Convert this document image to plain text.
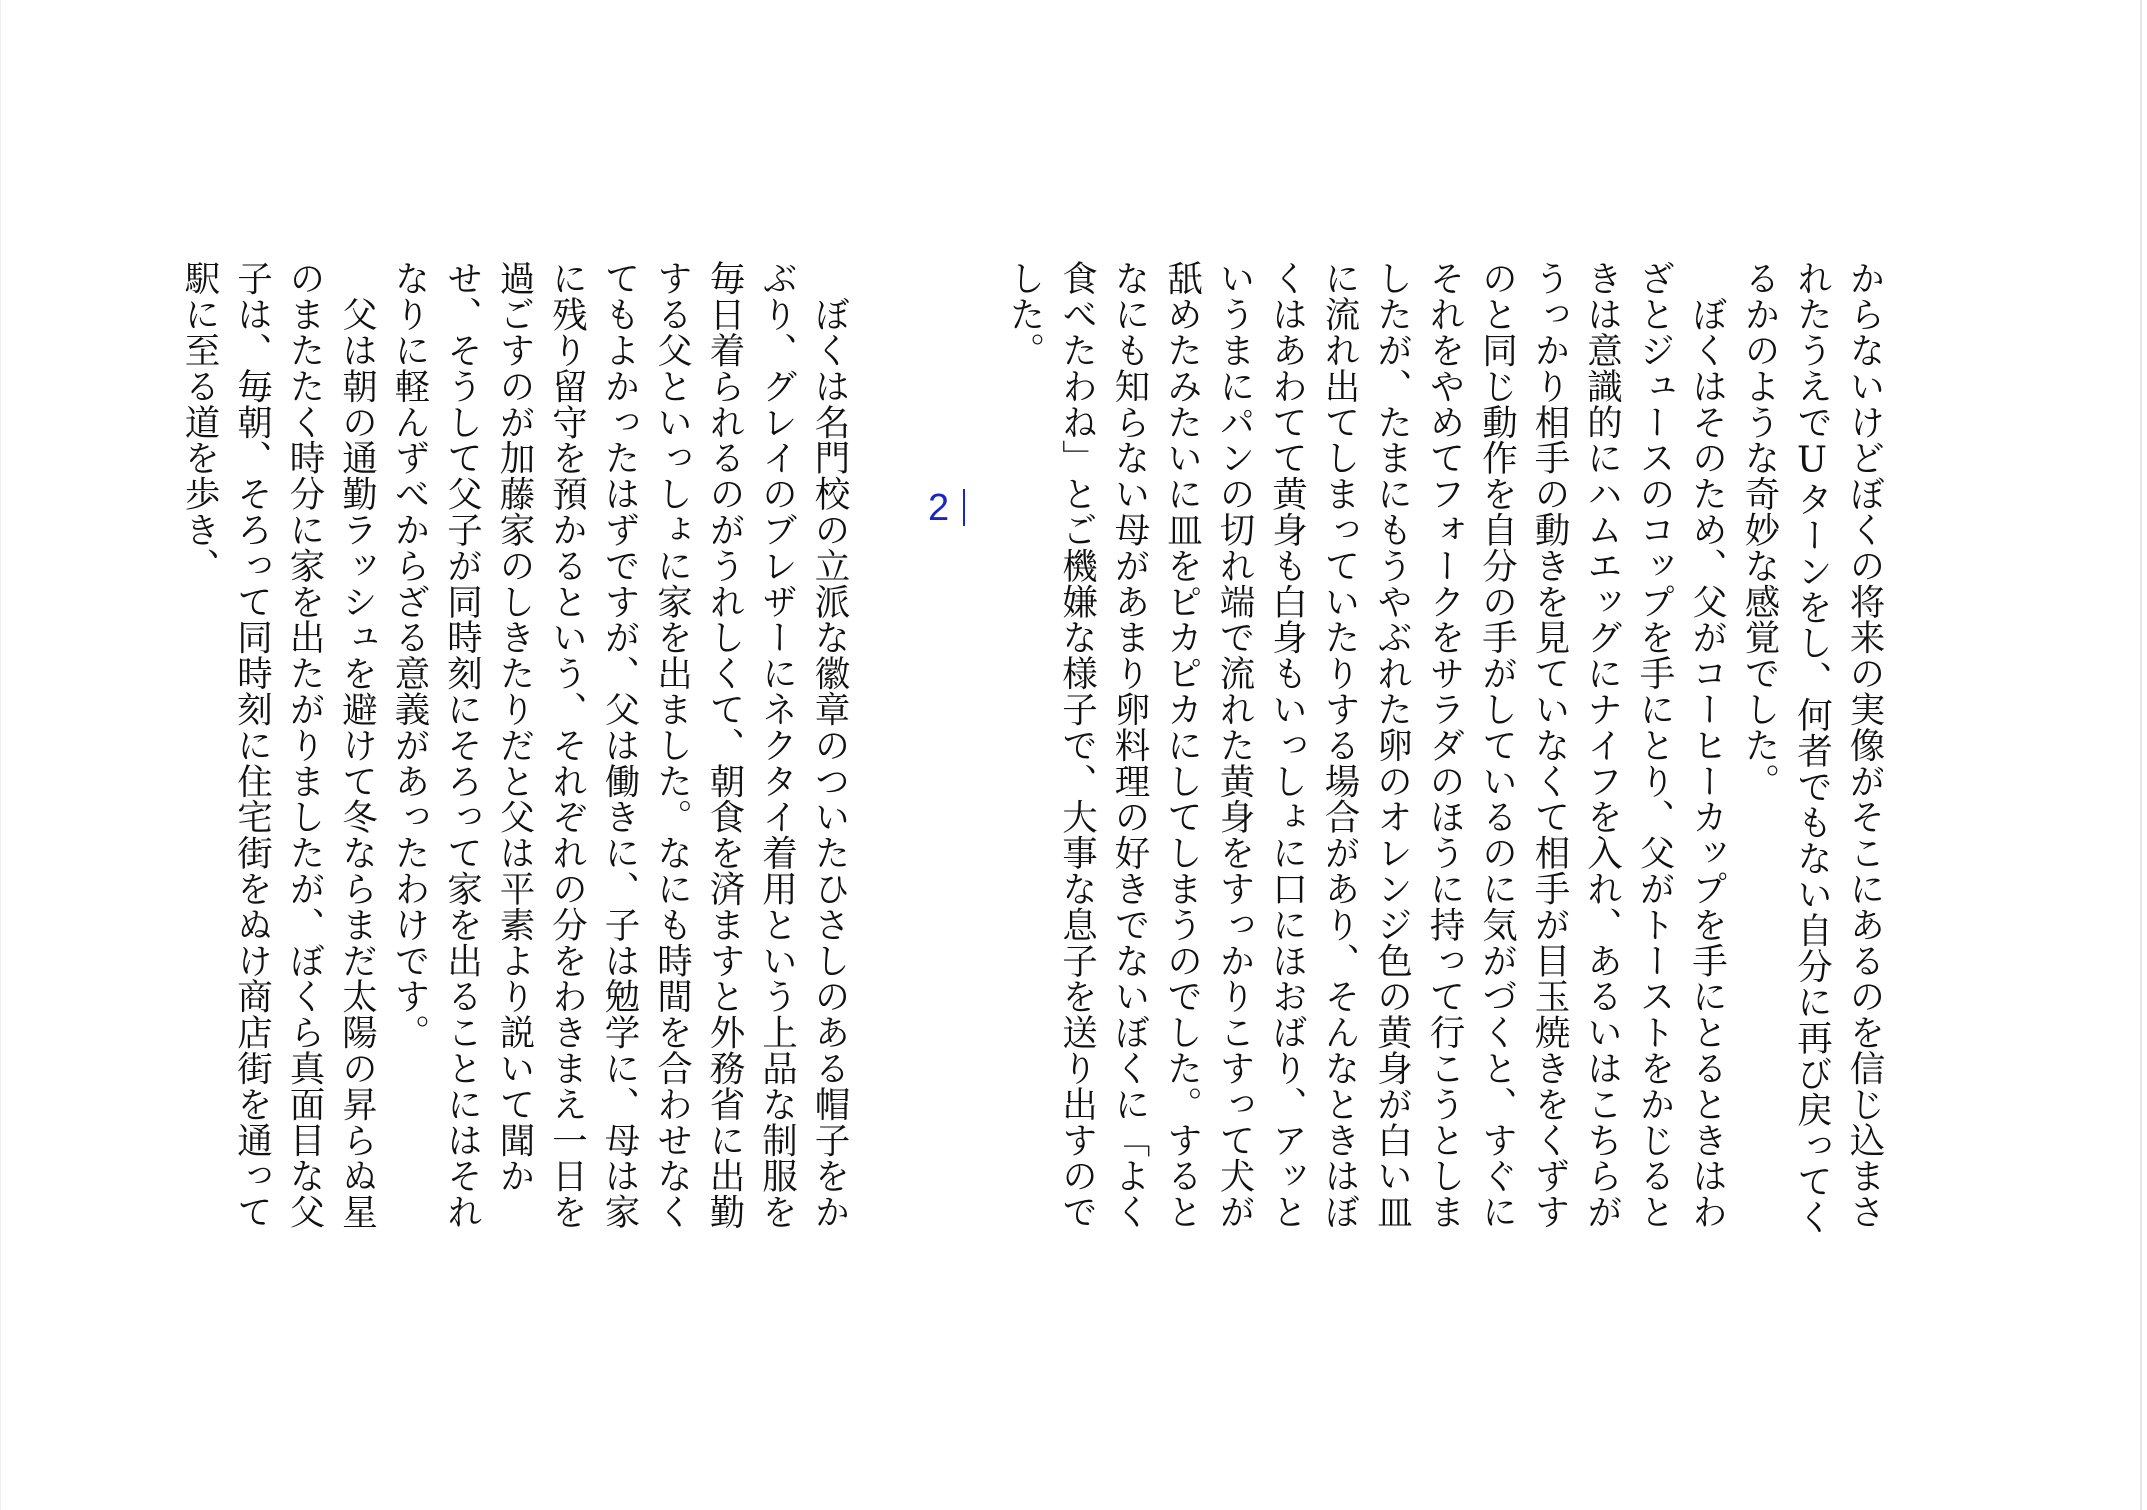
からないけどぼくの将来の実像がそこにあるのを信じ込まされたうえでUターンをし、何者でもない自分に再び戻ってくるかのような奇妙な感覚でした。

　ぼくはそのため、父がコーヒーカップを手にとるときはわざとジュースのコップを手にとり、父がトーストをかじるときは意識的にハムエッグにナイフを入れ、あるいはこちらがうっかり相手の動きを見ていなくて相手が目玉焼きをくずすのと同じ動作を自分の手がしているのに気がづくと、すぐにそれをやめてフォークをサラダのほうに持って行こうとしましたが、たまにもうやぶれた卵のオレンジ色の黄身が白い皿に流れ出てしまっていたりする場合があり、そんなときはぼくはあわてて黄身も白身もいっしょに口にほおばり、アッというまにパンの切れ端で流れた黄身をすっかりこすって犬が舐めたみたいに皿をピカピカにしてしまうのでした。するとなにも知らない母があまり卵料理の好きでないぼくに「よく食べたわね」とご機嫌な様子で、大事な息子を送り出すのでした。

2

　ぼくは名門校の立派な徽章のついたひさしのある帽子をかぶり、グレイのブレザーにネクタイ着用という上品な制服を毎日着られるのがうれしくて、朝食を済ますと外務省に出勤する父といっしょに家を出ました。なにも時間を合わせなくてもよかったはずですが、父は働きに、子は勉学に、母は家に残り留守を預かるという、それぞれの分をわきまえ一日を過ごすのが加藤家のしきたりだと父は平素より説いて聞かせ、そうして父子が同時刻にそろって家を出ることにはそれなりに軽んずべからざる意義があったわけです。

　父は朝の通勤ラッシュを避けて冬ならまだ太陽の昇らぬ星のまたたく時分に家を出たがりましたが、ぼくら真面目な父子は、毎朝、そろって同時刻に住宅街をぬけ商店街を通って駅に至る道を歩き、
